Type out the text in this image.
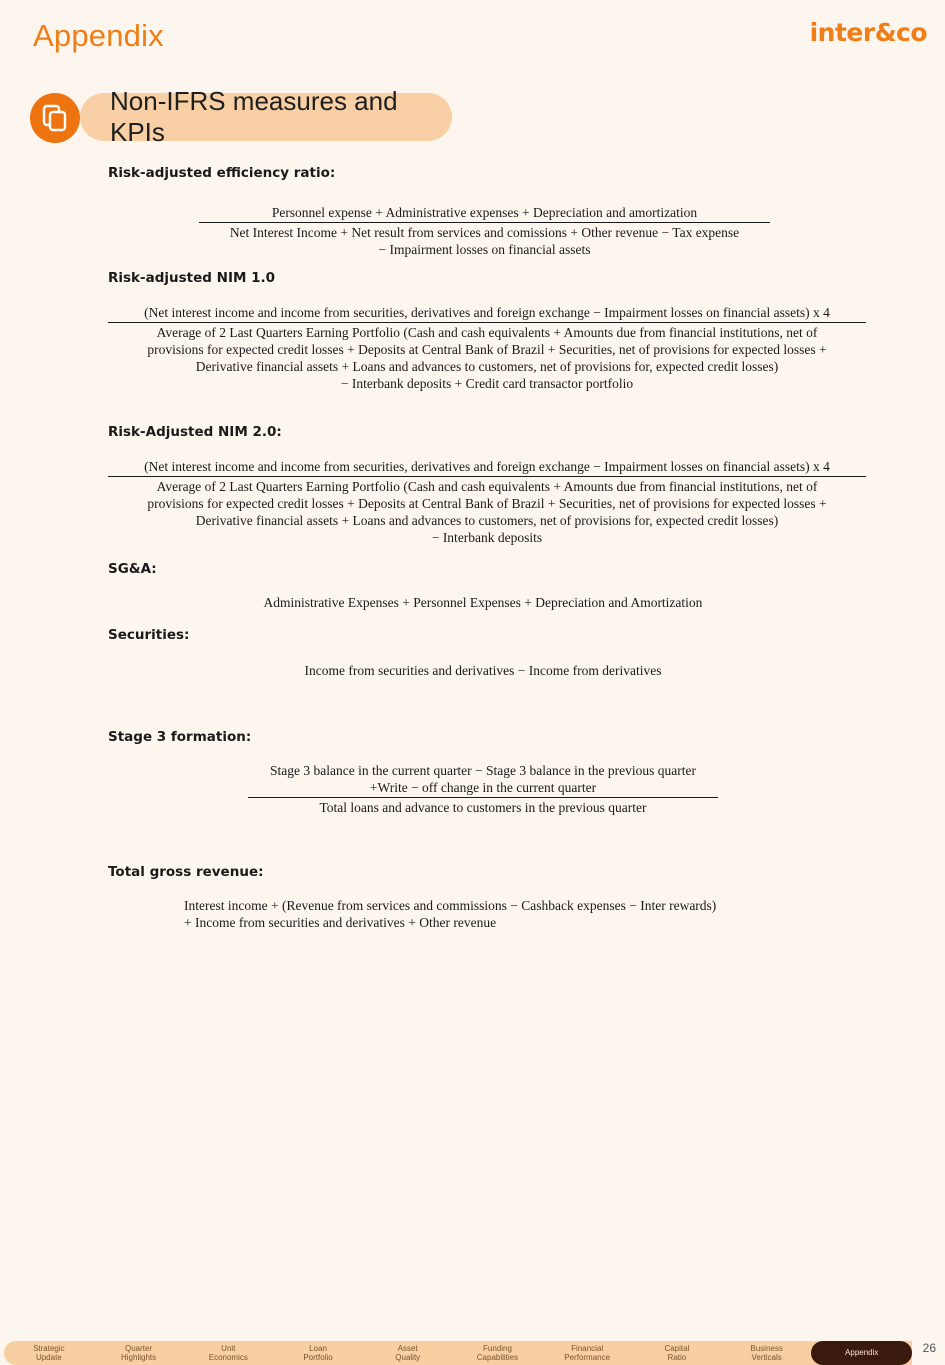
Appendix	inter&co
Non-IFRS measures and KPIs
Risk-adjusted efficiency ratio:
Personnel expense + Administrative expenses + Depreciation and amortization
Net Interest Income + Net result from services and comissions + Other revenue − Tax expense
− Impairment losses on financial assets
Risk-adjusted NIM 1.0
(Net interest income and income from securities, derivatives and foreign exchange − Impairment losses on financial assets) x 4
Average of 2 Last Quarters Earning Portfolio (Cash and cash equivalents + Amounts due from financial institutions, net of
provisions for expected credit losses + Deposits at Central Bank of Brazil + Securities, net of provisions for expected losses +
Derivative financial assets + Loans and advances to customers, net of provisions for, expected credit losses)
− Interbank deposits + Credit card transactor portfolio
Risk-Adjusted NIM 2.0:
(Net interest income and income from securities, derivatives and foreign exchange − Impairment losses on financial assets) x 4
Average of 2 Last Quarters Earning Portfolio (Cash and cash equivalents + Amounts due from financial institutions, net of
provisions for expected credit losses + Deposits at Central Bank of Brazil + Securities, net of provisions for expected losses +
Derivative financial assets + Loans and advances to customers, net of provisions for, expected credit losses)
− Interbank deposits
SG&A:
Administrative Expenses + Personnel Expenses + Depreciation and Amortization
Securities:
Income from securities and derivatives − Income from derivatives
Stage 3 formation:
Stage 3 balance in the current quarter − Stage 3 balance in the previous quarter
+Write − off change in the current quarter
Total loans and advance to customers in the previous quarter
Total gross revenue:
Interest income + (Revenue from services and commissions − Cashback expenses − Inter rewards)
+ Income from securities and derivatives + Other revenue
Strategic
Update
Quarter
Highlights
Unit
Economics
Loan
Portfolio
Asset
Quality
Funding
Capabilities
Financial
Performance
Capital
Ratio
Business
Verticals
Appendix	26
